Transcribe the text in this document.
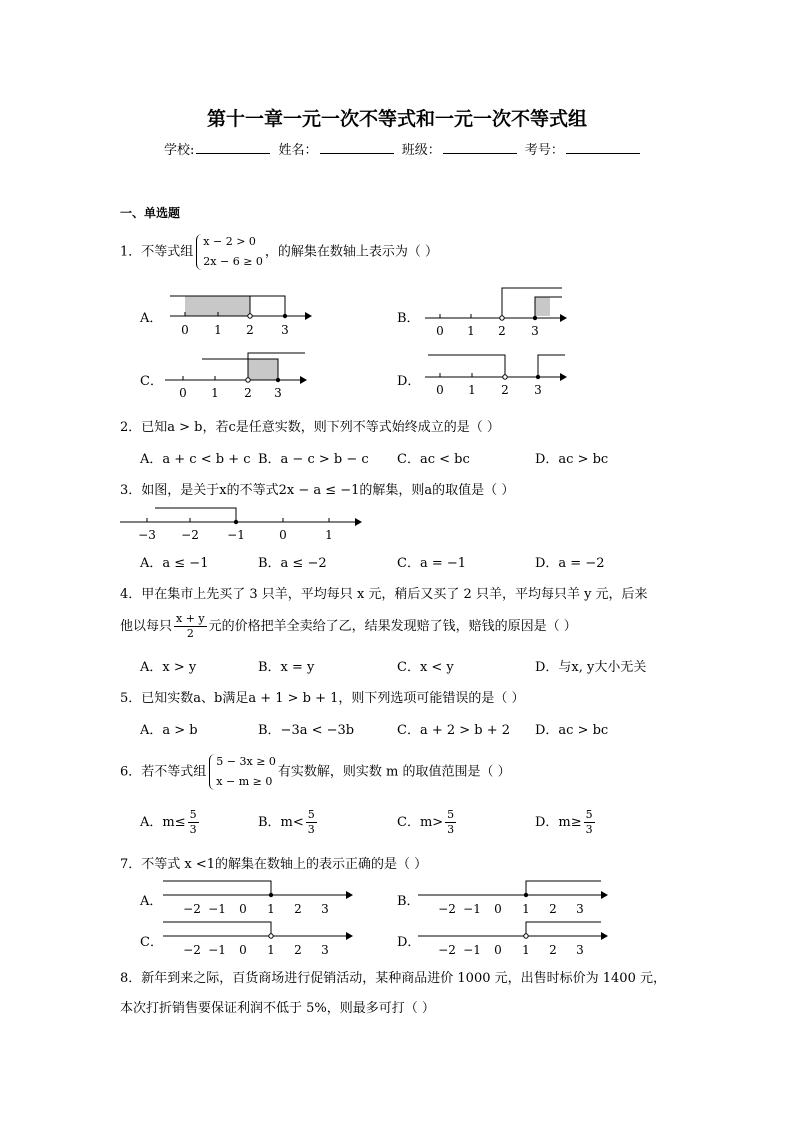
第十一章一元一次不等式和一元一次不等式组
学校:	姓名：	班级：	考号：
一、单选题
1．不等式组
x − 2 > 0
2x − 6 ≥ 0
，的解集在数轴上表示为（ ）
A．	B．
C．	D．
0 1 2 3	0 1 2 3
0 1 2 3	0 1 2 3
2．已知a > b，若c是任意实数，则下列不等式始终成立的是（ ）
A．a + c < b + c B．a − c > b − c C．ac < bc	D．ac > bc
3．如图，是关于x的不等式2x − a ≤ −1的解集，则a的取值是（ ）
−3 −2 −1	0	1
A．a ≤ −1	B．a ≤ −2	C．a = −1	D．a = −2
4．甲在集市上先买了 3 只羊，平均每只 x 元，稍后又买了 2 只羊，平均每只羊 y 元，后来
他以每只 $\frac{x + y}{2}$ 元的价格把羊全卖给了乙，结果发现赔了钱，赔钱的原因是（ ）
A．x > y	B．x = y	C．x < y	D．与x, y大小无关
5．已知实数a、b满足a + 1 > b + 1，则下列选项可能错误的是（ ）
A．a > b	B．−3a < −3b	C．a + 2 > b + 2 D．ac > bc
6．若不等式组
5 − 3x ≥ 0
x − m ≥ 0
有实数解，则实数 m 的取值范围是（ ）
A．$m\le \frac{5}{3}$	B．$m< \frac{5}{3}$	C．$m> \frac{5}{3}$	D．$m\ge \frac{5}{3}$
7．不等式 x <1的解集在数轴上的表示正确的是（ ）
A．	B．
C．	D．
−2 −1 0 1 2 3	−2 −1 0 1 2 3
−2 −1 0 1 2 3	−2 −1 0 1 2 3
8．新年到来之际，百货商场进行促销活动，某种商品进价 1000 元，出售时标价为 1400 元，
本次打折销售要保证利润不低于 5%，则最多可打（ ）
